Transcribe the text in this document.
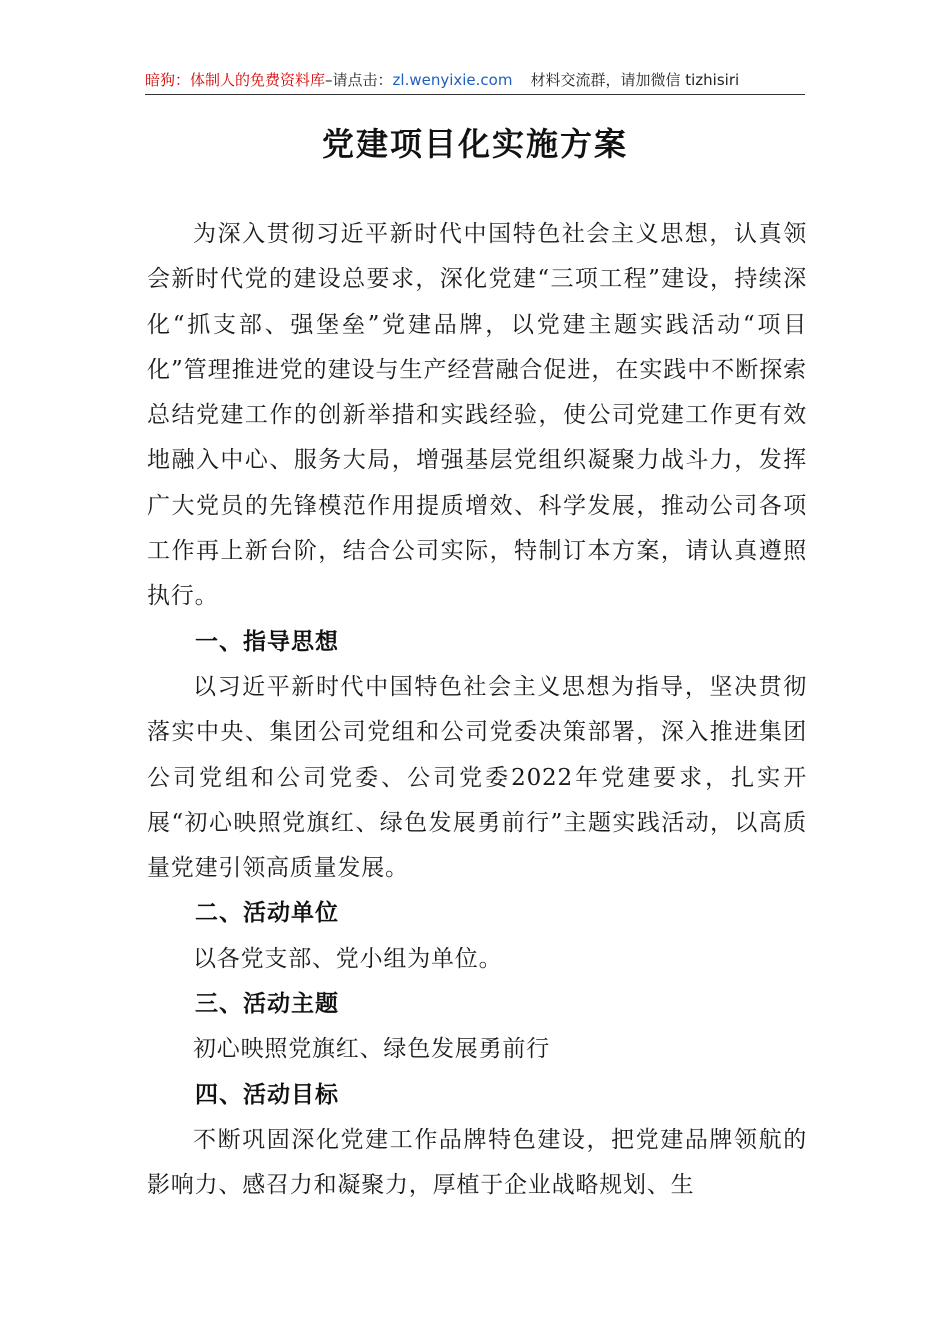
暗狗：体制人的免费资料库–请点击：zl.wenyixie.com 材料交流群，请加微信 tizhisiri
党建项目化实施方案

为深入贯彻习近平新时代中国特色社会主义思想，认真领会新时代党的建设总要求，深化党建“三项工程”建设，持续深化“抓支部、强堡垒”党建品牌，以党建主题实践活动“项目化”管理推进党的建设与生产经营融合促进，在实践中不断探索总结党建工作的创新举措和实践经验，使公司党建工作更有效地融入中心、服务大局，增强基层党组织凝聚力战斗力，发挥广大党员的先锋模范作用提质增效、科学发展，推动公司各项工作再上新台阶，结合公司实际，特制订本方案，请认真遵照执行。

一、指导思想

以习近平新时代中国特色社会主义思想为指导，坚决贯彻落实中央、集团公司党组和公司党委决策部署，深入推进集团公司党组和公司党委、公司党委2022年党建要求，扎实开展“初心映照党旗红、绿色发展勇前行”主题实践活动，以高质量党建引领高质量发展。

二、活动单位

以各党支部、党小组为单位。

三、活动主题

初心映照党旗红、绿色发展勇前行

四、活动目标

不断巩固深化党建工作品牌特色建设，把党建品牌领航的影响力、感召力和凝聚力，厚植于企业战略规划、生
